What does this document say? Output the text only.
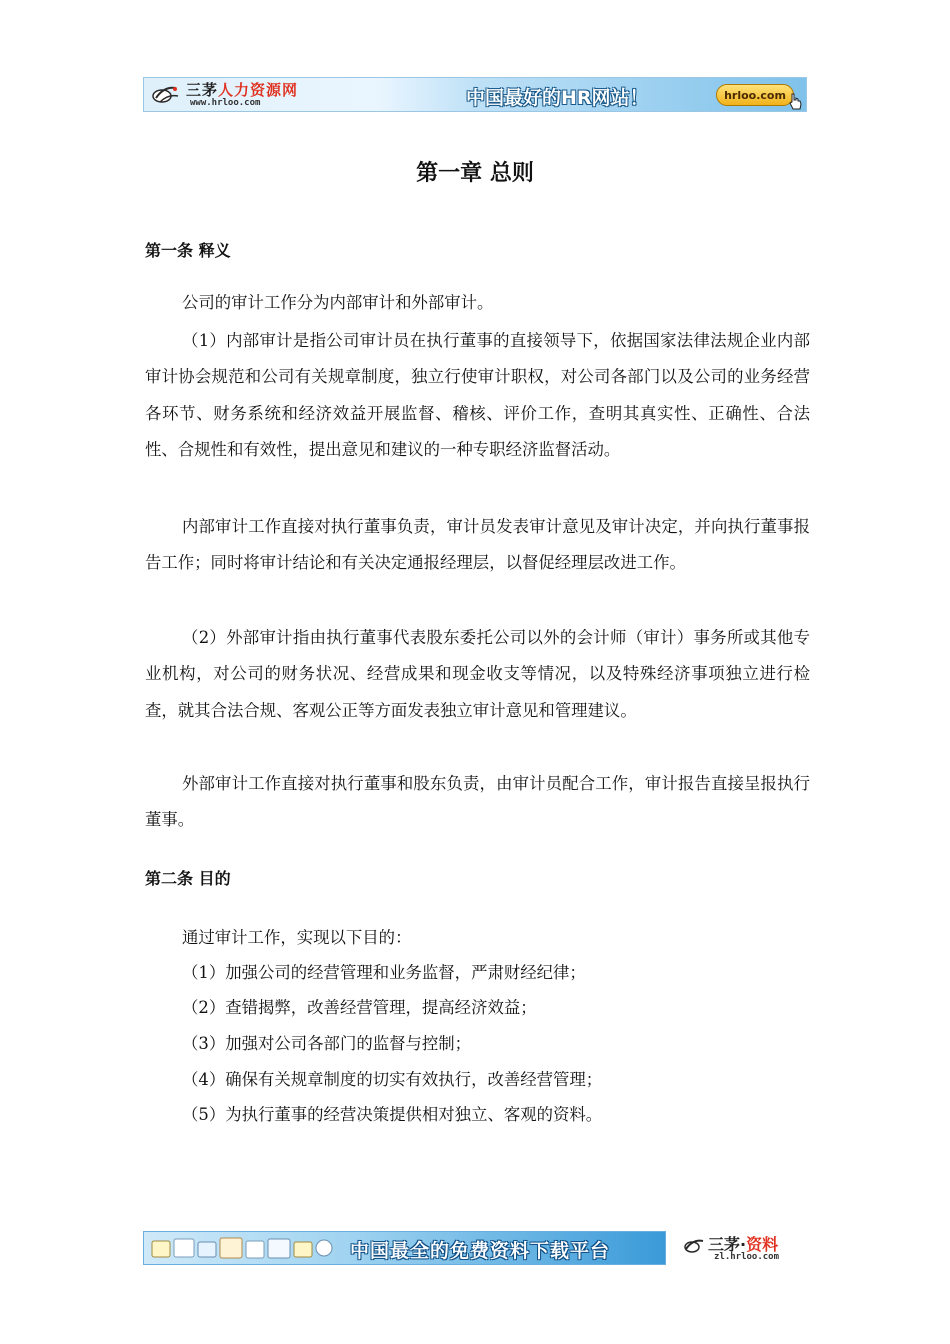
三茅人力资源网
www.hrloo.com	中国最好的HR网站！	hrloo.com
第一章 总则
第一条 释义

公司的审计工作分为内部审计和外部审计。

（1）内部审计是指公司审计员在执行董事的直接领导下，依据国家法律法规企业内部审计协会规范和公司有关规章制度，独立行使审计职权，对公司各部门以及公司的业务经营各环节、财务系统和经济效益开展监督、稽核、评价工作，查明其真实性、正确性、合法性、合规性和有效性，提出意见和建议的一种专职经济监督活动。

内部审计工作直接对执行董事负责，审计员发表审计意见及审计决定，并向执行董事报告工作；同时将审计结论和有关决定通报经理层，以督促经理层改进工作。

（2）外部审计指由执行董事代表股东委托公司以外的会计师（审计）事务所或其他专业机构，对公司的财务状况、经营成果和现金收支等情况，以及特殊经济事项独立进行检查，就其合法合规、客观公正等方面发表独立审计意见和管理建议。

外部审计工作直接对执行董事和股东负责，由审计员配合工作，审计报告直接呈报执行董事。

第二条 目的

通过审计工作，实现以下目的：

（1）加强公司的经营管理和业务监督，严肃财经纪律；

（2）查错揭弊，改善经营管理，提高经济效益；

（3）加强对公司各部门的监督与控制；

（4）确保有关规章制度的切实有效执行，改善经营管理；

（5）为执行董事的经营决策提供相对独立、客观的资料。

中国最全的免费资料下载平台	三茅·资料
zl.hrloo.com
